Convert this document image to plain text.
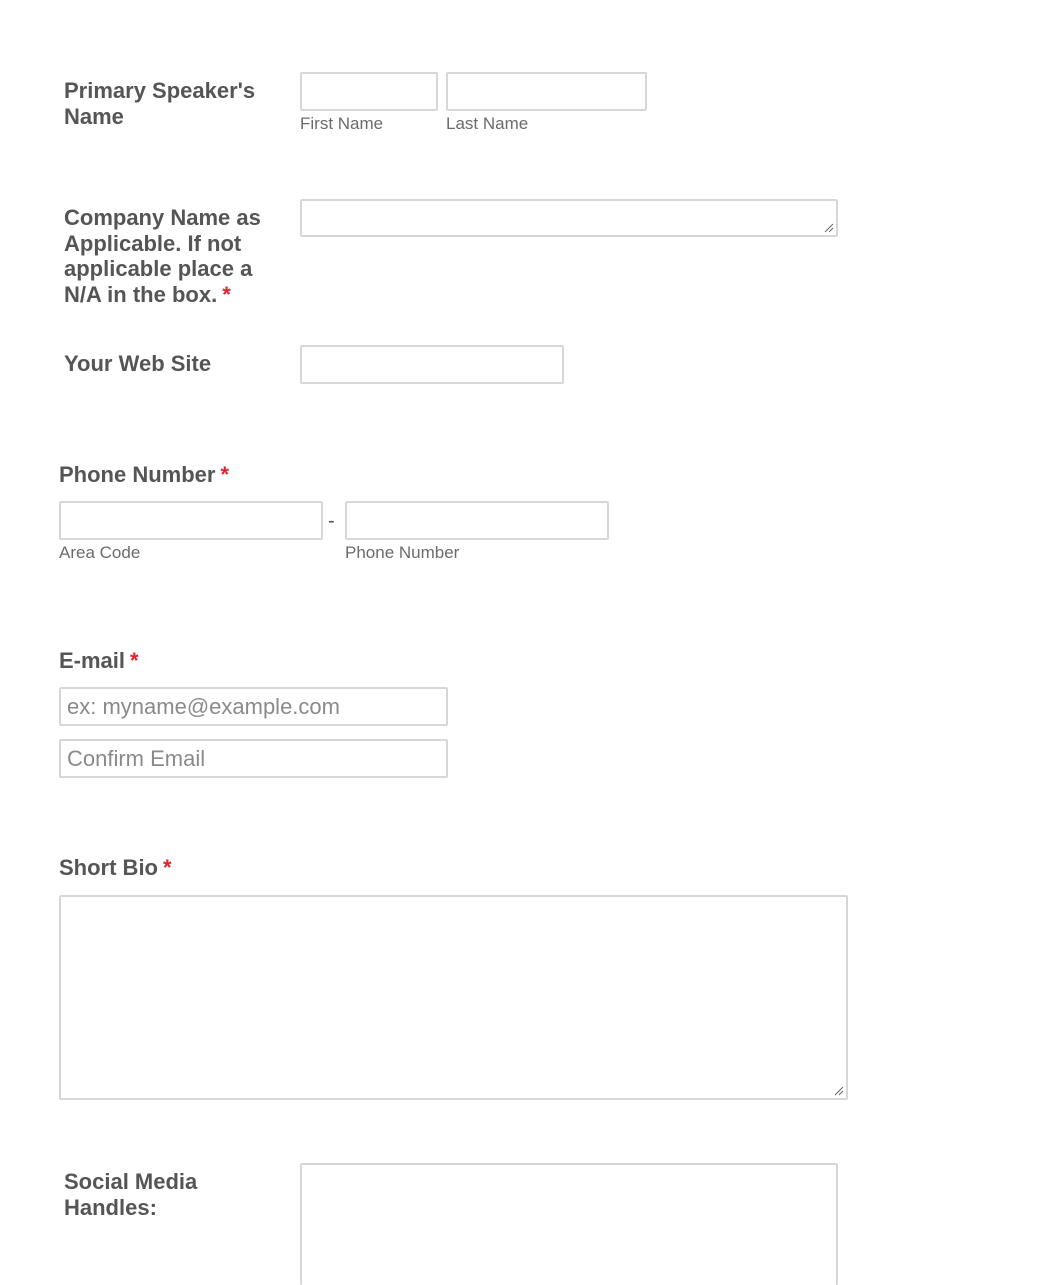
Primary Speaker's Name	First Name	Last Name
Company Name as Applicable. If not applicable place a N/A in the box. *
Your Web Site
Phone Number *
-
Area Code	Phone Number
E-mail *
ex: myname@example.com
Confirm Email
Short Bio *
Social Media Handles:
